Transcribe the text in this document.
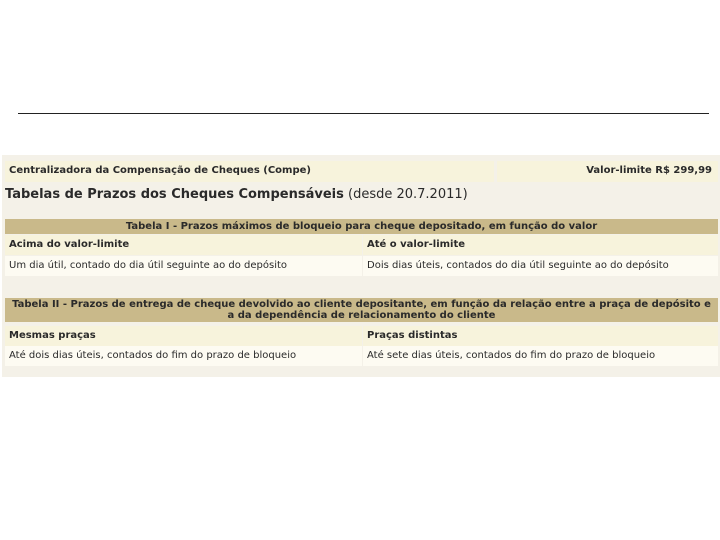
Centralizadora da Compensação de Cheques (Compe)	Valor-limite R$ 299,99
Tabelas de Prazos dos Cheques Compensáveis (desde 20.7.2011)
Tabela I - Prazos máximos de bloqueio para cheque depositado, em função do valor
Acima do valor-limite	Até o valor-limite
Um dia útil, contado do dia útil seguinte ao do depósito	Dois dias úteis, contados do dia útil seguinte ao do depósito
Tabela II - Prazos de entrega de cheque devolvido ao cliente depositante, em função da relação entre a praça de depósito e a da dependência de relacionamento do cliente
Mesmas praças	Praças distintas
Até dois dias úteis, contados do fim do prazo de bloqueio	Até sete dias úteis, contados do fim do prazo de bloqueio
